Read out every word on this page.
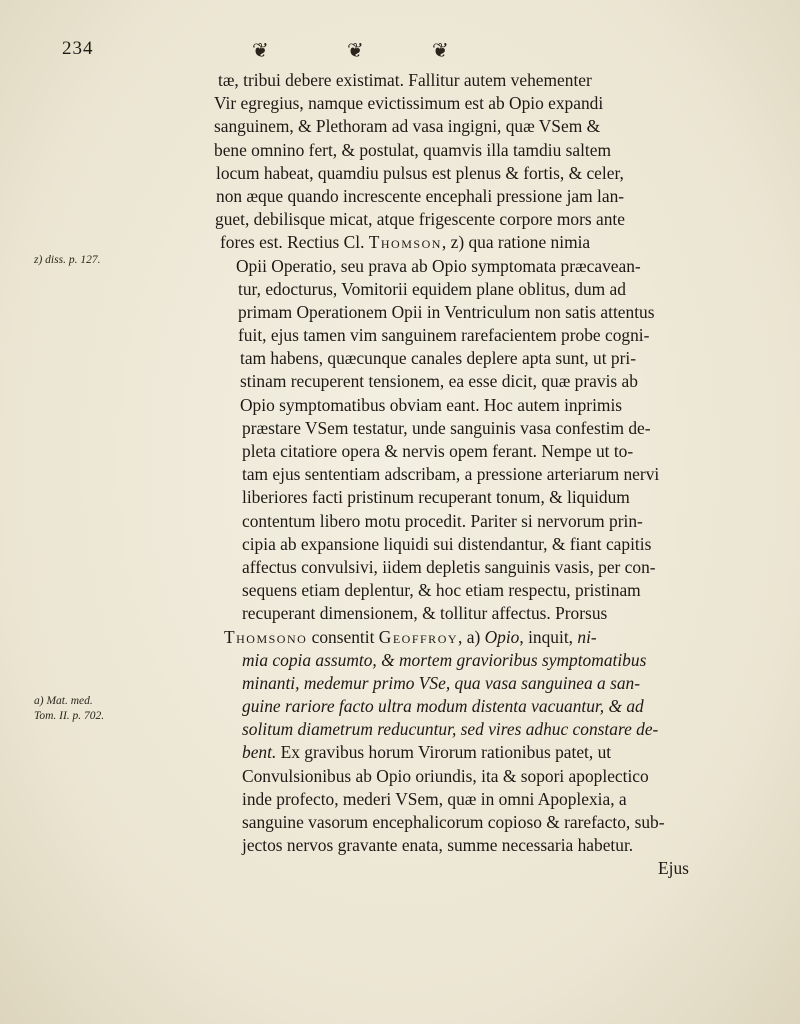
234	❦	❦	❦
z) diss. p. 127.
a) Mat. med.
Tom. II. p. 702.
tæ, tribui debere existimat. Fallitur autem vehementer
Vir egregius, namque evictissimum est ab Opio expandi
sanguinem, & Plethoram ad vasa ingigni, quæ VSem &
bene omnino fert, & postulat, quamvis illa tamdiu saltem
locum habeat, quamdiu pulsus est plenus & fortis, & celer,
non æque quando increscente encephali pressione jam lan-
guet, debilisque micat, atque frigescente corpore mors ante
fores est. Rectius Cl. Thomson, z) qua ratione nimia
Opii Operatio, seu prava ab Opio symptomata præcavean-
tur, edocturus, Vomitorii equidem plane oblitus, dum ad
primam Operationem Opii in Ventriculum non satis attentus
fuit, ejus tamen vim sanguinem rarefacientem probe cogni-
tam habens, quæcunque canales deplere apta sunt, ut pri-
stinam recuperent tensionem, ea esse dicit, quæ pravis ab
Opio symptomatibus obviam eant. Hoc autem inprimis
præstare VSem testatur, unde sanguinis vasa confestim de-
pleta citatiore opera & nervis opem ferant. Nempe ut to-
tam ejus sententiam adscribam, a pressione arteriarum nervi
liberiores facti pristinum recuperant tonum, & liquidum
contentum libero motu procedit. Pariter si nervorum prin-
cipia ab expansione liquidi sui distendantur, & fiant capitis
affectus convulsivi, iidem depletis sanguinis vasis, per con-
sequens etiam deplentur, & hoc etiam respectu, pristinam
recuperant dimensionem, & tollitur affectus. Prorsus
Thomsono consentit Geoffroy, a) Opio, inquit, ni-
mia copia assumto, & mortem gravioribus symptomatibus
minanti, medemur primo VSe, qua vasa sanguinea a san-
guine rariore facto ultra modum distenta vacuantur, & ad
solitum diametrum reducuntur, sed vires adhuc constare de-
bent. Ex gravibus horum Virorum rationibus patet, ut
Convulsionibus ab Opio oriundis, ita & sopori apoplectico
inde profecto, mederi VSem, quæ in omni Apoplexia, a
sanguine vasorum encephalicorum copioso & rarefacto, sub-
jectos nervos gravante enata, summe necessaria habetur.
Ejus
